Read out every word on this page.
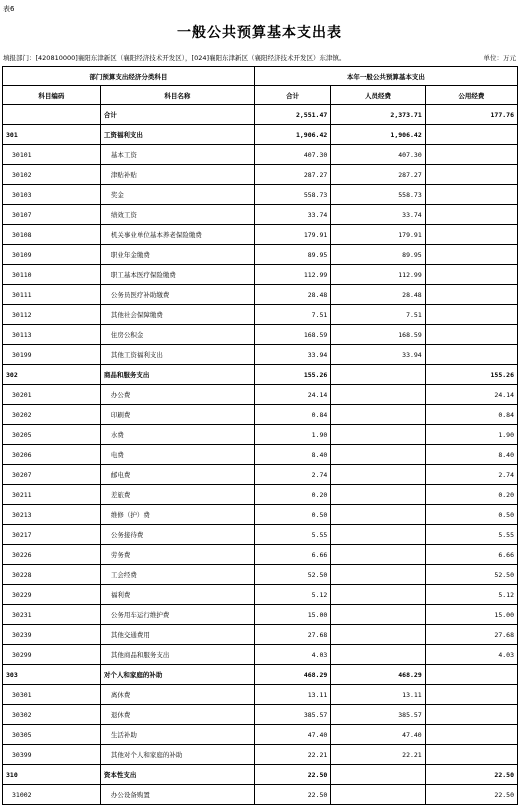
表6
一般公共预算基本支出表
填报部门：[420810000]襄阳东津新区（襄阳经济技术开发区），[024]襄阳东津新区（襄阳经济技术开发区）东津镇。	单位：万元
部门预算支出经济分类科目		本年一般公共预算基本支出		
科目编码	科目名称	合计	人员经费	公用经费
	合计	2,551.47	2,373.71	177.76
301	工资福利支出	1,906.42	1,906.42	
30101	基本工资	407.30	407.30	
30102	津贴补贴	287.27	287.27	
30103	奖金	558.73	558.73	
30107	绩效工资	33.74	33.74	
30108	机关事业单位基本养老保险缴费	179.91	179.91	
30109	职业年金缴费	89.95	89.95	
30110	职工基本医疗保险缴费	112.99	112.99	
30111	公务员医疗补助缴费	28.48	28.48	
30112	其他社会保障缴费	7.51	7.51	
30113	住房公积金	168.59	168.59	
30199	其他工资福利支出	33.94	33.94	
302	商品和服务支出	155.26		155.26
30201	办公费	24.14		24.14
30202	印刷费	0.84		0.84
30205	水费	1.90		1.90
30206	电费	8.40		8.40
30207	邮电费	2.74		2.74
30211	差旅费	0.20		0.20
30213	维修（护）费	0.50		0.50
30217	公务接待费	5.55		5.55
30226	劳务费	6.66		6.66
30228	工会经费	52.50		52.50
30229	福利费	5.12		5.12
30231	公务用车运行维护费	15.00		15.00
30239	其他交通费用	27.68		27.68
30299	其他商品和服务支出	4.03		4.03
303	对个人和家庭的补助	468.29	468.29	
30301	离休费	13.11	13.11	
30302	退休费	385.57	385.57	
30305	生活补助	47.40	47.40	
30399	其他对个人和家庭的补助	22.21	22.21	
310	资本性支出	22.50		22.50
31002	办公设备购置	22.50		22.50
